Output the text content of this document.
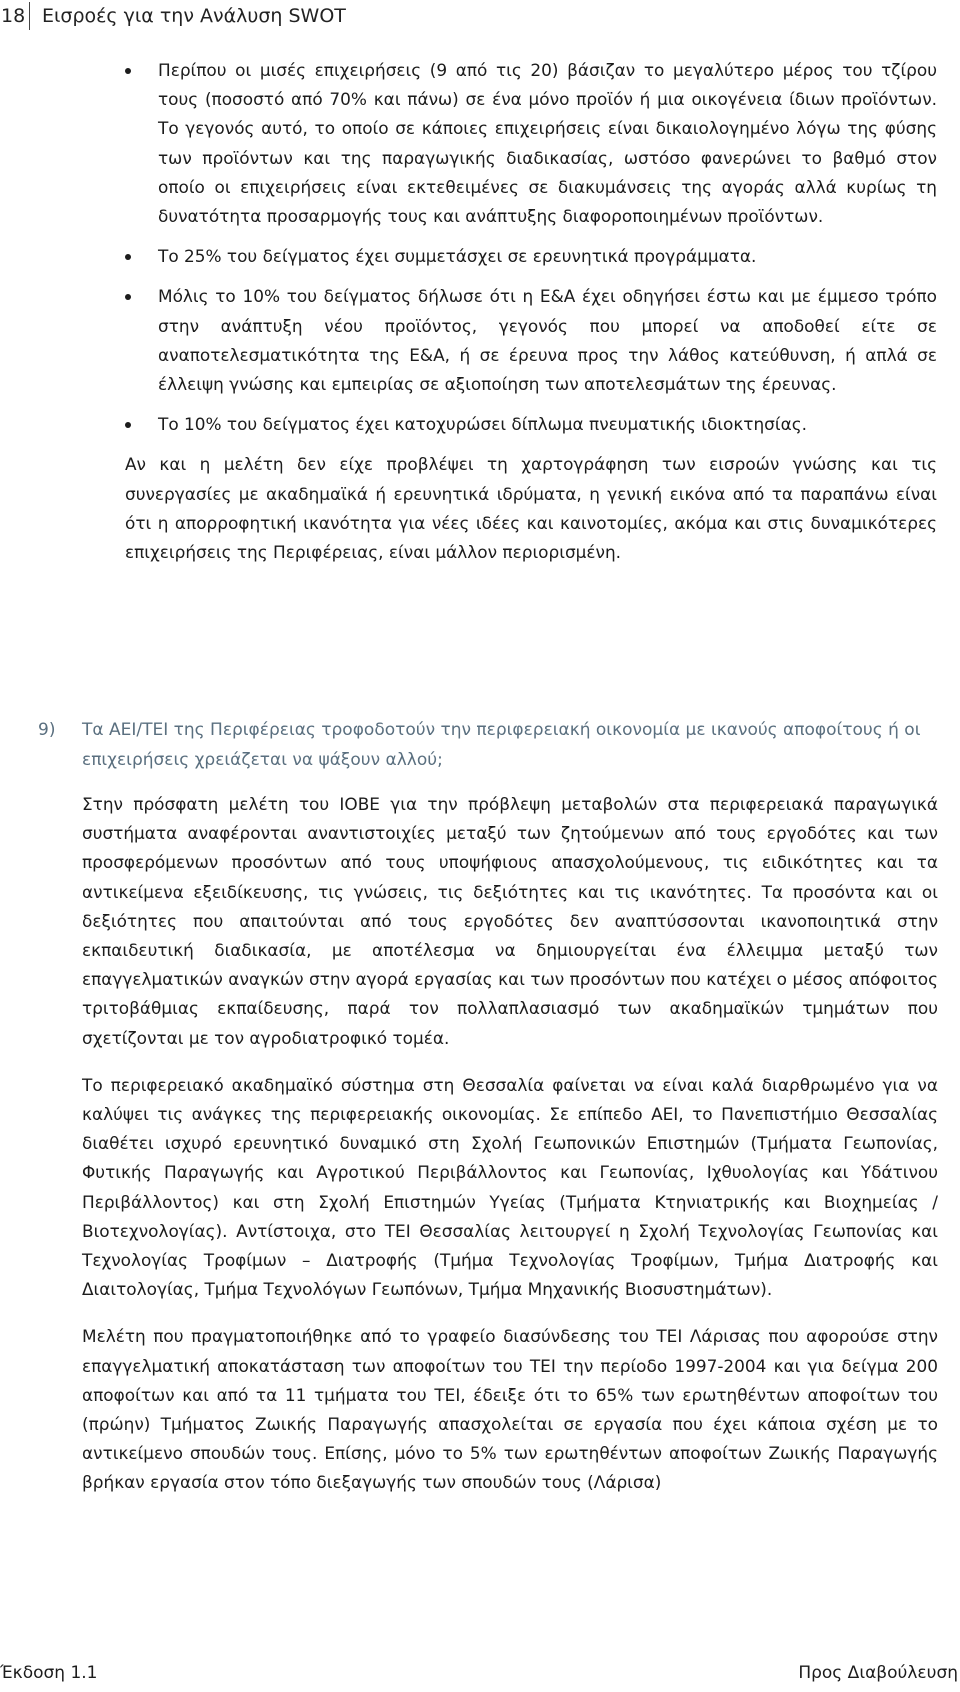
18 Εισροές για την Ανάλυση SWOT
Περίπου οι μισές επιχειρήσεις (9 από τις 20) βάσιζαν το μεγαλύτερο μέρος του τζίρου τους (ποσοστό από 70% και πάνω) σε ένα μόνο προϊόν ή μια οικογένεια ίδιων προϊόντων. Το γεγονός αυτό, το οποίο σε κάποιες επιχειρήσεις είναι δικαιολογημένο λόγω της φύσης των προϊόντων και της παραγωγικής διαδικασίας, ωστόσο φανερώνει το βαθμό στον οποίο οι επιχειρήσεις είναι εκτεθειμένες σε διακυμάνσεις της αγοράς αλλά κυρίως τη δυνατότητα προσαρμογής τους και ανάπτυξης διαφοροποιημένων προϊόντων.
Το 25% του δείγματος έχει συμμετάσχει σε ερευνητικά προγράμματα.
Μόλις το 10% του δείγματος δήλωσε ότι η Ε&Α έχει οδηγήσει έστω και με έμμεσο τρόπο στην ανάπτυξη νέου προϊόντος, γεγονός που μπορεί να αποδοθεί είτε σε αναποτελεσματικότητα της Ε&Α, ή σε έρευνα προς την λάθος κατεύθυνση, ή απλά σε έλλειψη γνώσης και εμπειρίας σε αξιοποίηση των αποτελεσμάτων της έρευνας.
Το 10% του δείγματος έχει κατοχυρώσει δίπλωμα πνευματικής ιδιοκτησίας.

Αν και η μελέτη δεν είχε προβλέψει τη χαρτογράφηση των εισροών γνώσης και τις συνεργασίες με ακαδημαϊκά ή ερευνητικά ιδρύματα, η γενική εικόνα από τα παραπάνω είναι ότι η απορροφητική ικανότητα για νέες ιδέες και καινοτομίες, ακόμα και στις δυναμικότερες επιχειρήσεις της Περιφέρειας, είναι μάλλον περιορισμένη.

9)	Τα ΑΕΙ/ΤΕΙ της Περιφέρειας τροφοδοτούν την περιφερειακή οικονομία με ικανούς αποφοίτους ή οι επιχειρήσεις χρειάζεται να ψάξουν αλλού;

Στην πρόσφατη μελέτη του ΙΟΒΕ για την πρόβλεψη μεταβολών στα περιφερειακά παραγωγικά συστήματα αναφέρονται αναντιστοιχίες μεταξύ των ζητούμενων από τους εργοδότες και των προσφερόμενων προσόντων από τους υποψήφιους απασχολούμενους, τις ειδικότητες και τα αντικείμενα εξειδίκευσης, τις γνώσεις, τις δεξιότητες και τις ικανότητες. Τα προσόντα και οι δεξιότητες που απαιτούνται από τους εργοδότες δεν αναπτύσσονται ικανοποιητικά στην εκπαιδευτική διαδικασία, με αποτέλεσμα να δημιουργείται ένα έλλειμμα μεταξύ των επαγγελματικών αναγκών στην αγορά εργασίας και των προσόντων που κατέχει ο μέσος απόφοιτος τριτοβάθμιας εκπαίδευσης, παρά τον πολλαπλασιασμό των ακαδημαϊκών τμημάτων που σχετίζονται με τον αγροδιατροφικό τομέα.

Το περιφερειακό ακαδημαϊκό σύστημα στη Θεσσαλία φαίνεται να είναι καλά διαρθρωμένο για να καλύψει τις ανάγκες της περιφερειακής οικονομίας. Σε επίπεδο ΑΕΙ, το Πανεπιστήμιο Θεσσαλίας διαθέτει ισχυρό ερευνητικό δυναμικό στη Σχολή Γεωπονικών Επιστημών (Τμήματα Γεωπονίας, Φυτικής Παραγωγής και Αγροτικού Περιβάλλοντος και Γεωπονίας, Ιχθυολογίας και Υδάτινου Περιβάλλοντος) και στη Σχολή Επιστημών Υγείας (Τμήματα Κτηνιατρικής και Βιοχημείας / Βιοτεχνολογίας). Αντίστοιχα, στο ΤΕΙ Θεσσαλίας λειτουργεί η Σχολή Τεχνολογίας Γεωπονίας και Τεχνολογίας Τροφίμων – Διατροφής (Τμήμα Τεχνολογίας Τροφίμων, Τμήμα Διατροφής και Διαιτολογίας, Τμήμα Τεχνολόγων Γεωπόνων, Τμήμα Μηχανικής Βιοσυστημάτων).

Μελέτη που πραγματοποιήθηκε από το γραφείο διασύνδεσης του ΤΕΙ Λάρισας που αφορούσε στην επαγγελματική αποκατάσταση των αποφοίτων του ΤΕΙ την περίοδο 1997-2004 και για δείγμα 200 αποφοίτων και από τα 11 τμήματα του ΤΕΙ, έδειξε ότι το 65% των ερωτηθέντων αποφοίτων του (πρώην) Τμήματος Ζωικής Παραγωγής απασχολείται σε εργασία που έχει κάποια σχέση με το αντικείμενο σπουδών τους. Επίσης, μόνο το 5% των ερωτηθέντων αποφοίτων Ζωικής Παραγωγής βρήκαν εργασία στον τόπο διεξαγωγής των σπουδών τους (Λάρισα)

Έκδοση 1.1	Προς Διαβούλευση
